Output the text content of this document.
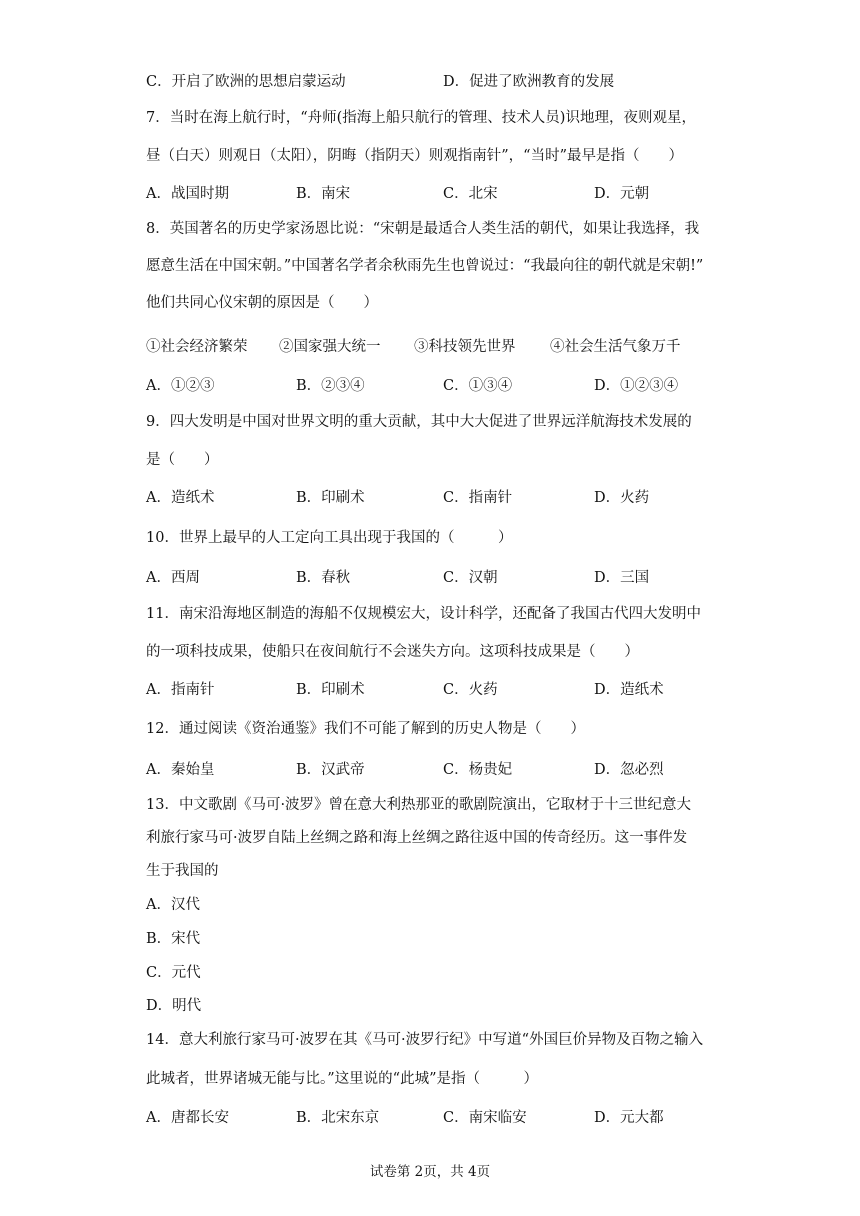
C．开启了欧洲的思想启蒙运动	D．促进了欧洲教育的发展
7．当时在海上航行时，“舟师(指海上船只航行的管理、技术人员)识地理，夜则观星，
昼（白天）则观日（太阳），阴晦（指阴天）则观指南针”，“当时”最早是指（　　）
A．战国时期	B．南宋	C．北宋	D．元朝
8．英国著名的历史学家汤恩比说：“宋朝是最适合人类生活的朝代，如果让我选择，我
愿意生活在中国宋朝。”中国著名学者余秋雨先生也曾说过：“我最向往的朝代就是宋朝!”
他们共同心仪宋朝的原因是（　　）
①社会经济繁荣 ②国家强大统一 ③科技领先世界 ④社会生活气象万千
A．①②③	B．②③④	C．①③④	D．①②③④
9．四大发明是中国对世界文明的重大贡献，其中大大促进了世界远洋航海技术发展的
是（　　）
A．造纸术	B．印刷术	C．指南针	D．火药
10．世界上最早的人工定向工具出现于我国的（　　　）
A．西周	B．春秋	C．汉朝	D．三国
11．南宋沿海地区制造的海船不仅规模宏大，设计科学，还配备了我国古代四大发明中
的一项科技成果，使船只在夜间航行不会迷失方向。这项科技成果是（　　）
A．指南针	B．印刷术	C．火药	D．造纸术
12．通过阅读《资治通鉴》我们不可能了解到的历史人物是（　　）
A．秦始皇	B．汉武帝	C．杨贵妃	D．忽必烈
13．中文歌剧《马可·波罗》曾在意大利热那亚的歌剧院演出，它取材于十三世纪意大
利旅行家马可·波罗自陆上丝绸之路和海上丝绸之路往返中国的传奇经历。这一事件发
生于我国的
A．汉代
B．宋代
C．元代
D．明代
14．意大利旅行家马可·波罗在其《马可·波罗行纪》中写道“外国巨价异物及百物之输入
此城者，世界诸城无能与比。”这里说的“此城”是指（　　　）
A．唐都长安	B．北宋东京	C．南宋临安	D．元大都
试卷第 2页，共 4页
